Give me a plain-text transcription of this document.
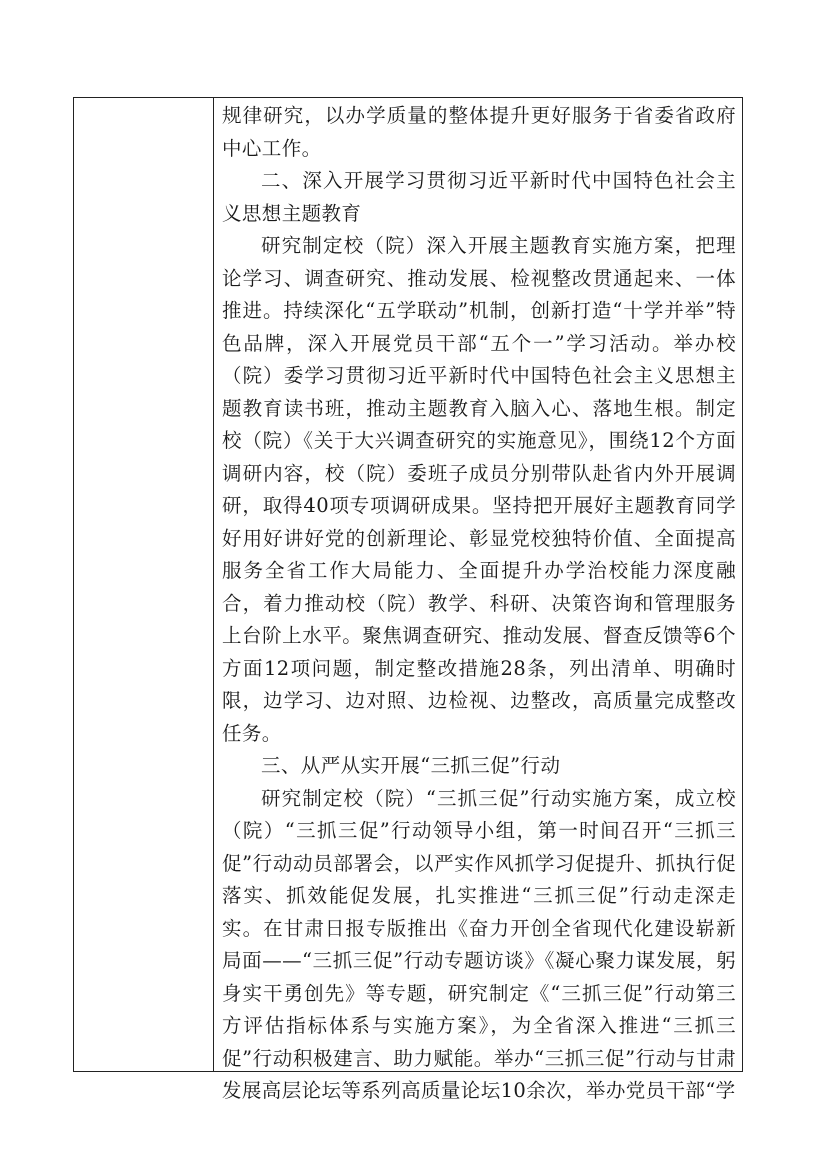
规律研究，以办学质量的整体提升更好服务于省委省政府中心工作。

二、深入开展学习贯彻习近平新时代中国特色社会主义思想主题教育

研究制定校（院）深入开展主题教育实施方案，把理论学习、调查研究、推动发展、检视整改贯通起来、一体推进。持续深化“五学联动”机制，创新打造“十学并举”特色品牌，深入开展党员干部“五个一”学习活动。举办校（院）委学习贯彻习近平新时代中国特色社会主义思想主题教育读书班，推动主题教育入脑入心、落地生根。制定校（院）《关于大兴调查研究的实施意见》，围绕12个方面调研内容，校（院）委班子成员分别带队赴省内外开展调研，取得40项专项调研成果。坚持把开展好主题教育同学好用好讲好党的创新理论、彰显党校独特价值、全面提高服务全省工作大局能力、全面提升办学治校能力深度融合，着力推动校（院）教学、科研、决策咨询和管理服务上台阶上水平。聚焦调查研究、推动发展、督查反馈等6个方面12项问题，制定整改措施28条，列出清单、明确时限，边学习、边对照、边检视、边整改，高质量完成整改任务。

三、从严从实开展“三抓三促”行动

研究制定校（院）“三抓三促”行动实施方案，成立校（院）“三抓三促”行动领导小组，第一时间召开“三抓三促”行动动员部署会，以严实作风抓学习促提升、抓执行促落实、抓效能促发展，扎实推进“三抓三促”行动走深走实。在甘肃日报专版推出《奋力开创全省现代化建设崭新局面——“三抓三促”行动专题访谈》《凝心聚力谋发展，躬身实干勇创先》等专题，研究制定《“三抓三促”行动第三方评估指标体系与实施方案》，为全省深入推进“三抓三促”行动积极建言、助力赋能。举办“三抓三促”行动与甘肃发展高层论坛等系列高质量论坛10余次，举办党员干部“学
